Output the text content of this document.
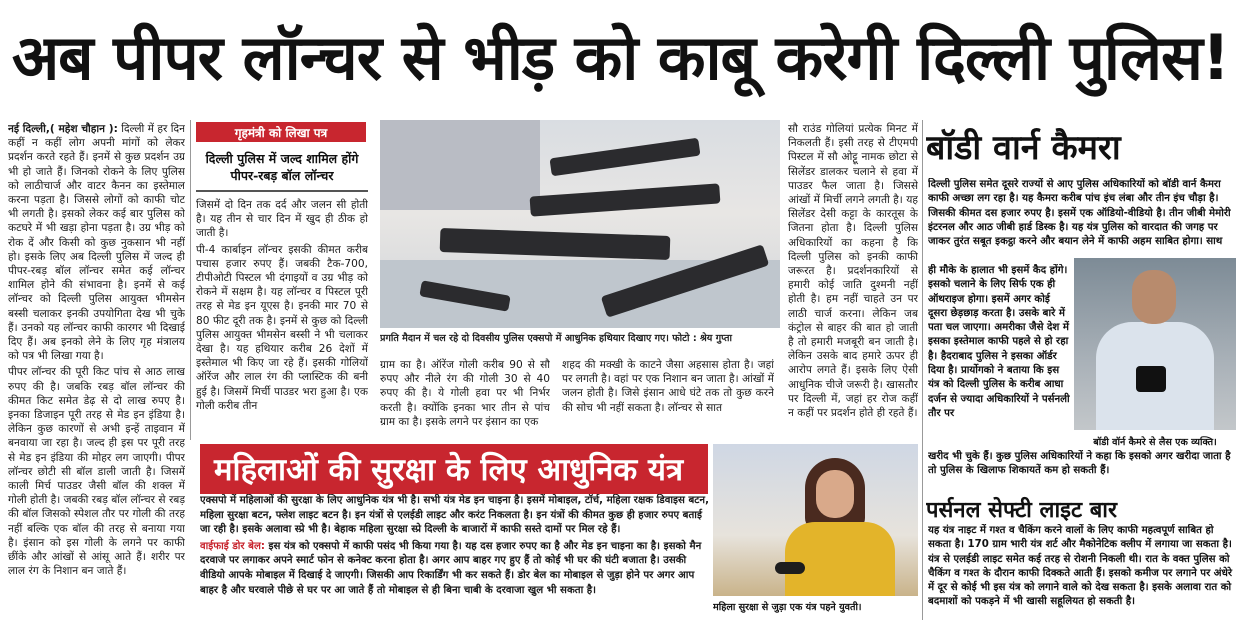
अब पीपर लॉन्चर से भीड़ को काबू करेगी दिल्ली पुलिस!

नई दिल्ली,( महेश चौहान ): दिल्ली में हर दिन कहीं न कहीं लोग अपनी मांगों को लेकर प्रदर्शन करते रहते हैं। इनमें से कुछ प्रदर्शन उग्र भी हो जाते हैं। जिनको रोकने के लिए पुलिस को लाठीचार्ज और वाटर कैनन का इस्तेमाल करना पड़ता है। जिससे लोगों को काफी चोट भी लगती है। इसको लेकर कई बार पुलिस को कटघरे में भी खड़ा होना पड़ता है। उग्र भीड़ को रोक दें और किसी को कुछ नुकसान भी नहीं हो। इसके लिए अब दिल्ली पुलिस में जल्द ही पीपर-रबड़ बॉल लॉन्चर समेत कई लॉन्चर शामिल होने की संभावना है। इनमें से कई लॉन्चर को दिल्ली पुलिस आयुक्त भीमसेन बस्सी चलाकर इनकी उपयोगिता देख भी चुके हैं। उनको यह लॉन्चर काफी कारगर भी दिखाई दिए हैं। अब इनको लेने के लिए गृह मंत्रालय को पत्र भी लिखा गया है।

पीपर लॉन्चर की पूरी किट पांच से आठ लाख रुपए की है। जबकि रबड़ बॉल लॉन्चर की कीमत किट समेत डेढ़ से दो लाख रुपए है। इनका डिजाइन पूरी तरह से मेड इन इंडिया है। लेकिन कुछ कारणों से अभी इन्हें ताइवान में बनवाया जा रहा है। जल्द ही इस पर पूरी तरह से मेड इन इंडिया की मोहर लग जाएगी। पीपर लॉन्चर छोटी सी बॉल डाली जाती है। जिसमें काली मिर्च पाउडर जैसी बॉल की शक्ल में गोली होती है। जबकी रबड़ बॉल लॉन्चर से रबड़ की बॉल जिसको स्पेशल तौर पर गोली की तरह नहीं बल्कि एक बॉल की तरह से बनाया गया है। इंसान को इस गोली के लगने पर काफी छींके और आंखों से आंसू आते हैं। शरीर पर लाल रंग के निशान बन जाते हैं।

गृहमंत्री को लिखा पत्र
दिल्ली पुलिस में जल्द शामिल होंगे पीपर-रबड़ बॉल लॉन्चर

जिसमें दो दिन तक दर्द और जलन सी होती है। यह तीन से चार दिन में खुद ही ठीक हो जाती है।

पी-4 कार्बाइन लॉन्चर इसकी कीमत करीब पचास हजार रुपए हैं। जबकी टैक-700, टीपीओटी पिस्टल भी दंगाइयों व उग्र भीड़ को रोकने में सक्षम है। यह लॉन्चर व पिस्टल पूरी तरह से मेड इन यूएस है। इनकी मार 70 से 80 फीट दूरी तक है। इनमें से कुछ को दिल्ली पुलिस आयुक्त भीमसेन बस्सी ने भी चलाकर देखा है। यह हथियार करीब 26 देशों में इस्तेमाल भी किए जा रहे हैं। इसकी गोलियों ऑरेंज और लाल रंग की प्लास्टिक की बनी हुई है। जिसमें मिर्ची पाउडर भरा हुआ है। एक गोली करीब तीन

प्रगति मैदान में चल रहे दो दिवसीय पुलिस एक्सपो में आधुनिक हथियार दिखाए गए। फोटो : श्रेय गुप्ता

ग्राम का है। ऑरेंज गोली करीब 90 से सौ रुपए और नीले रंग की गोली 30 से 40 रुपए की है। ये गोली हवा पर भी निर्भर करती है। क्योंकि इनका भार तीन से पांच ग्राम का है। इसके लगने पर इंसान का एक

शहद की मक्खी के काटने जैसा अहसास होता है। जहां पर लगती है। वहां पर एक निशान बन जाता है। आंखों में जलन होती है। जिसे इंसान आधे घंटे तक तो कुछ करने की सोच भी नहीं सकता है। लॉन्चर से सात

सौ राउंड गोलियां प्रत्येक मिनट में निकलती हैं। इसी तरह से टीएमपी पिस्टल में सौ ओट्टू नामक छोटा से सिलेंडर डालकर चलाने से हवा में पाउडर फैल जाता है। जिससे आंखों में मिर्ची लगने लगती है। यह सिलेंडर देसी कट्टा के कारतूस के जितना होता है। दिल्ली पुलिस अधिकारियों का कहना है कि दिल्ली पुलिस को इनकी काफी जरूरत है। प्रदर्शनकारियों से हमारी कोई जाति दुश्मनी नहीं होती है। हम नहीं चाहते उन पर लाठी चार्ज करना। लेकिन जब कंट्रोल से बाहर की बात हो जाती है तो हमारी मजबूरी बन जाती है। लेकिन उसके बाद हमारे ऊपर ही आरोप लगते हैं। इसके लिए ऐसी आधुनिक चीजे जरूरी है। खासतौर पर दिल्ली में, जहां हर रोज कहीं न कहीं पर प्रदर्शन होते ही रहते हैं।

महिलाओं की सुरक्षा के लिए आधुनिक यंत्र

एक्सपो में महिलाओं की सुरक्षा के लिए आधुनिक यंत्र भी है। सभी यंत्र मेड इन चाइना है। इसमें मोबाइल, टॉर्च, महिला रक्षक डिवाइस बटन, महिला सुरक्षा बटन, फ्लेश लाइट बटन है। इन यंत्रों से एलईडी लाइट और करंट निकलता है। इन यंत्रों की कीमत कुछ ही हजार रुपए बताई जा रही है। इसके अलावा स्प्रे भी है। बेहाक महिला सुरक्षा स्प्रे दिल्ली के बाजारों में काफी सस्ते दामों पर मिल रहे हैं।

वाईफाई डोर बेल: इस यंत्र को एक्सपो में काफी पसंद भी किया गया है। यह दस हजार रुपए का है और मेड इन चाइना का है। इसको मैन दरवाजे पर लगाकर अपने स्मार्ट फोन से कनेक्ट करना होता है। अगर आप बाहर गए हुए हैं तो कोई भी घर की घंटी बजाता है। उसकी वीडियो आपके मोबाइल में दिखाई दे जाएगी। जिसकी आप रिकार्डिंग भी कर सकते हैं। डोर बेल का मोबाइल से जुड़ा होने पर अगर आप बाहर है और घरवाले पीछे से घर पर आ जाते हैं तो मोबाइल से ही बिना चाबी के दरवाजा खुल भी सकता है।

महिला सुरक्षा से जुड़ा एक यंत्र पहने युवती।
बॉडी वार्न कैमरा
दिल्ली पुलिस समेत दूसरे राज्यों से आए पुलिस अधिकारियों को बॉडी वार्न कैमरा काफी अच्छा लग रहा है। यह कैमरा करीब पांच इंच लंबा और तीन इंच चौड़ा है। जिसकी कीमत दस हजार रुपए है। इसमें एक ऑडियो-वीडियो है। तीन जीबी मेमोरी इंटरनल और आठ जीबी हार्ड डिस्क है। यह यंत्र पुलिस को वारदात की जगह पर जाकर तुरंत सबूत इकट्ठा करने और बयान लेने में काफी अहम साबित होगा। साथ
ही मौके के हालात भी इसमें कैद होंगे। इसको चलाने के लिए सिर्फ एक ही ऑथराइज होगा। इसमें अगर कोई दूसरा छेड़छाड़ करता है। उसके बारे में पता चल जाएगा। अमरीका जैसे देश में इसका इस्तेमाल काफी पहले से हो रहा है। हैदराबाद पुलिस ने इसका ऑर्डर दिया है। प्रार्योगको ने बताया कि इस यंत्र को दिल्ली पुलिस के करीब आधा दर्जन से ज्यादा अधिकारियों ने पर्सनली तौर पर
बॉडी वॉर्न कैमरे से लैस एक व्यक्ति।
खरीद भी चुके हैं। कुछ पुलिस अधिकारियों ने कहा कि इसको अगर खरीदा जाता है तो पुलिस के खिलाफ शिकायतें कम हो सकती हैं।
पर्सनल सेफ्टी लाइट बार
यह यंत्र नाइट में गश्त व चैकिंग करने वालों के लिए काफी महत्वपूर्ण साबित हो सकता है। 170 ग्राम भारी यंत्र शर्ट और मैकोनेटिक क्लीप में लगाया जा सकता है। यंत्र से एलईडी लाइट समेत कई तरह से रोशनी निकली थी। रात के वक्त पुलिस को चैकिंग व गश्त के दौरान काफी दिक्कते आती हैं। इसको कमीज पर लगाने पर अंधेरे में दूर से कोई भी इस यंत्र को लगाने वाले को देख सकता है। इसके अलावा रात को बदमाशों को पकड़ने में भी खासी सहूलियत हो सकती है।
